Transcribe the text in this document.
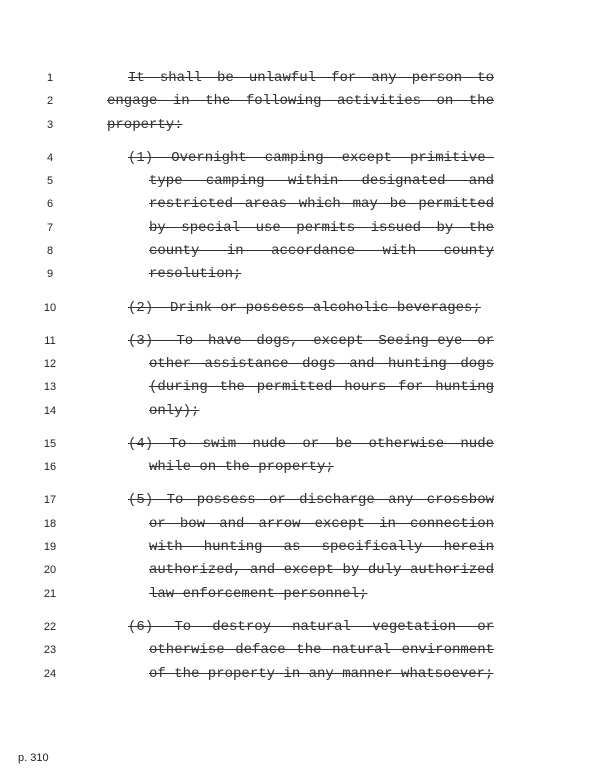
1	It shall be unlawful for any person to
2	engage in the following activities on the
3	property:
4	(1) Overnight camping except primitive-
5	type camping within designated and
6	restricted areas which may be permitted
7	by special use permits issued by the
8	county in accordance with county
9	resolution;
10	(2) —Drink or possess alcoholic beverages;
11	(3) —To have dogs, except Seeing-eye or
12	other assistance dogs and hunting dogs
13	(during the permitted hours for hunting
14	only);
15	(4) To swim nude or be otherwise nude
16	while on the property;
17	(5) To possess or discharge any crossbow
18	or bow and arrow except in connection
19	with hunting as specifically herein
20	authorized, and except by duly authorized
21	law enforcement personnel;
22	(6) To destroy natural vegetation or
23	otherwise deface the natural environment
24	of the property in any manner whatsoever;
p. 310
